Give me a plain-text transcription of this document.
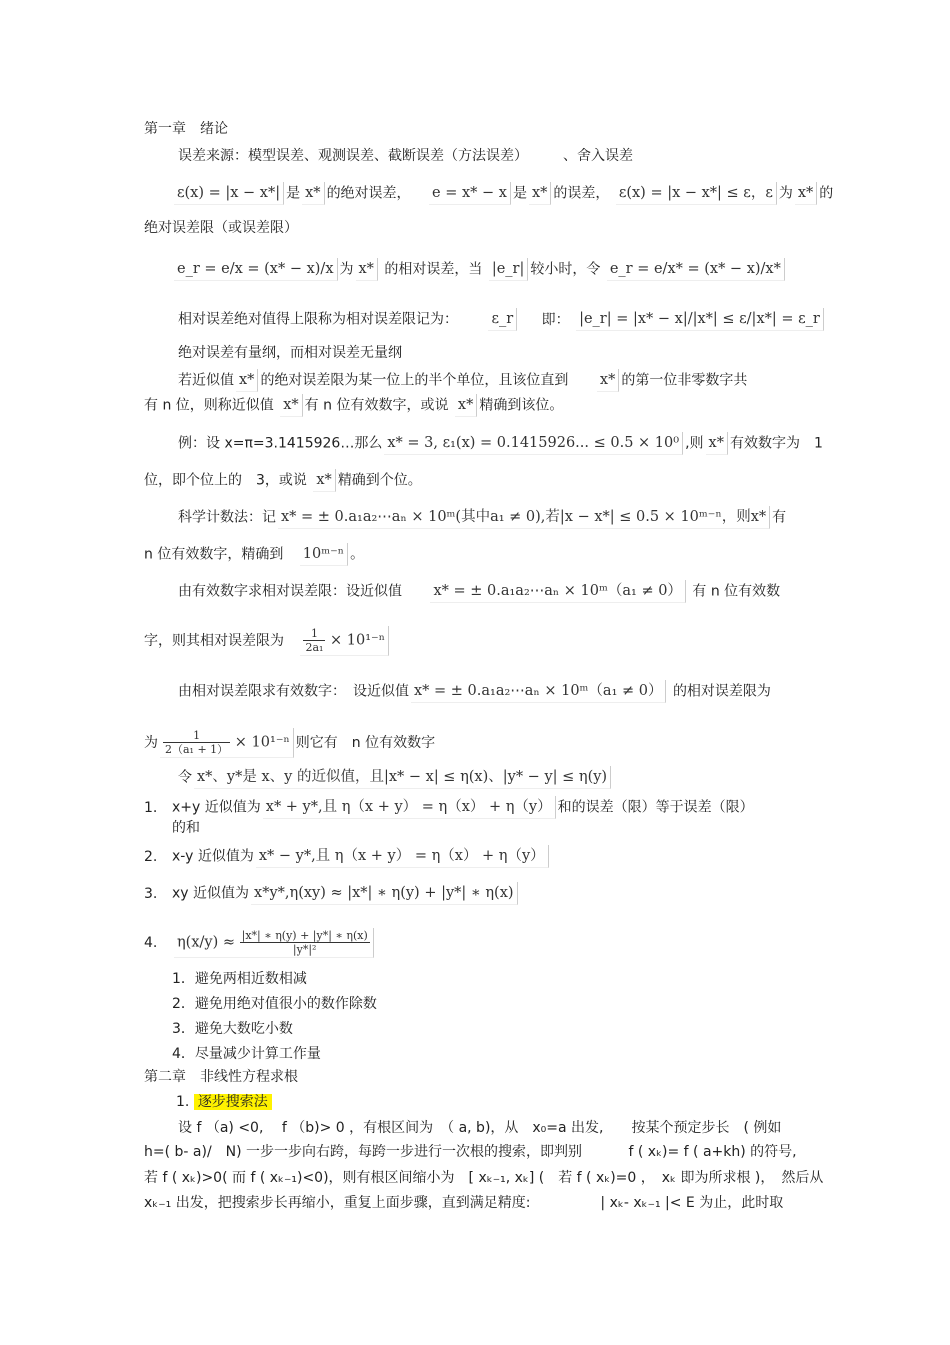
第一章　绪论
误差来源：模型误差、观测误差、截断误差（方法误差）　　　、舍入误差
ε(x) = |x − x*| 是 x* 的绝对误差， e = x* − x 是 x* 的误差， ε(x) = |x − x*| ≤ ε，ε 为 x* 的
绝对误差限（或误差限）
e_r = e/x = (x* − x)/x 为 x* 的相对误差，当 |e_r| 较小时，令 e_r = e/x* = (x* − x)/x*
相对误差绝对值得上限称为相对误差限记为： ε_r 即： |e_r| = |x* − x|/|x*| ≤ ε/|x*| = ε_r
绝对误差有量纲，而相对误差无量纲
若近似值 x* 的绝对误差限为某一位上的半个单位，且该位直到 x* 的第一位非零数字共
有 n 位，则称近似值 x* 有 n 位有效数字，或说 x* 精确到该位。
例：设 x=π=3.1415926…那么 x* = 3, ε₁(x) = 0.1415926... ≤ 0.5 × 10⁰ ,则 x* 有效数字为　1
位，即个位上的　3，或说 x* 精确到个位。
科学计数法：记 x* = ± 0.a₁a₂⋯aₙ × 10ᵐ(其中a₁ ≠ 0),若|x − x*| ≤ 0.5 × 10ᵐ⁻ⁿ，则x* 有
n 位有效数字，精确到 10ᵐ⁻ⁿ 。
由有效数字求相对误差限：设近似值 x* = ± 0.a₁a₂⋯aₙ × 10ᵐ（a₁ ≠ 0） 有 n 位有效数
字，则其相对误差限为 $\frac{1}{\text{2a₁}} \times 10^{1-n}$
由相对误差限求有效数字：　设近似值 x* = ± 0.a₁a₂⋯aₙ × 10ᵐ（a₁ ≠ 0） 的相对误差限为
为 $\frac{1}{\text{2（a₁ + 1）}} \times 10^{1-n}$ 则它有　n 位有效数字
令 x*、y*是 x、y 的近似值，且|x* − x| ≤ η(x)、|y* − y| ≤ η(y)
1. x+y 近似值为 x* + y*,且 η（x + y） = η（x） + η（y） 和的误差（限）等于误差（限）
的和
2. x-y 近似值为 x* − y*,且 η（x + y） = η（x） + η（y）
3. xy 近似值为 x*y*,η(xy) ≈ |x*| ∗ η(y) + |y*| ∗ η(x)
4. $\eta(x/y) \approx \frac{|x*| ∗ \eta(y) + |y*| ∗ \eta(x)}{\text{|y*|²}}$
1．避免两相近数相减
2．避免用绝对值很小的数作除数
3．避免大数吃小数
4．尽量减少计算工作量
第二章　非线性方程求根
1. 逐步搜索法
设 f （a) <0,　 f （b)> 0 ，有根区间为　（ a, b)，从　x₀=a 出发,　　按某个预定步长　( 例如
h=( b- a)/　N) 一步一步向右跨，每跨一步进行一次根的搜索，即判别　　　 f ( xₖ)= f ( a+kh) 的符号,
若 f ( xₖ)>0( 而 f ( xₖ₋₁)<0)，则有根区间缩小为　[ xₖ₋₁, xₖ] (　若 f ( xₖ)=0 ，　xₖ 即为所求根 )，　然后从
xₖ₋₁ 出发，把搜索步长再缩小，重复上面步骤，直到满足精度:　　　　　| xₖ- xₖ₋₁ |< E 为止，此时取
